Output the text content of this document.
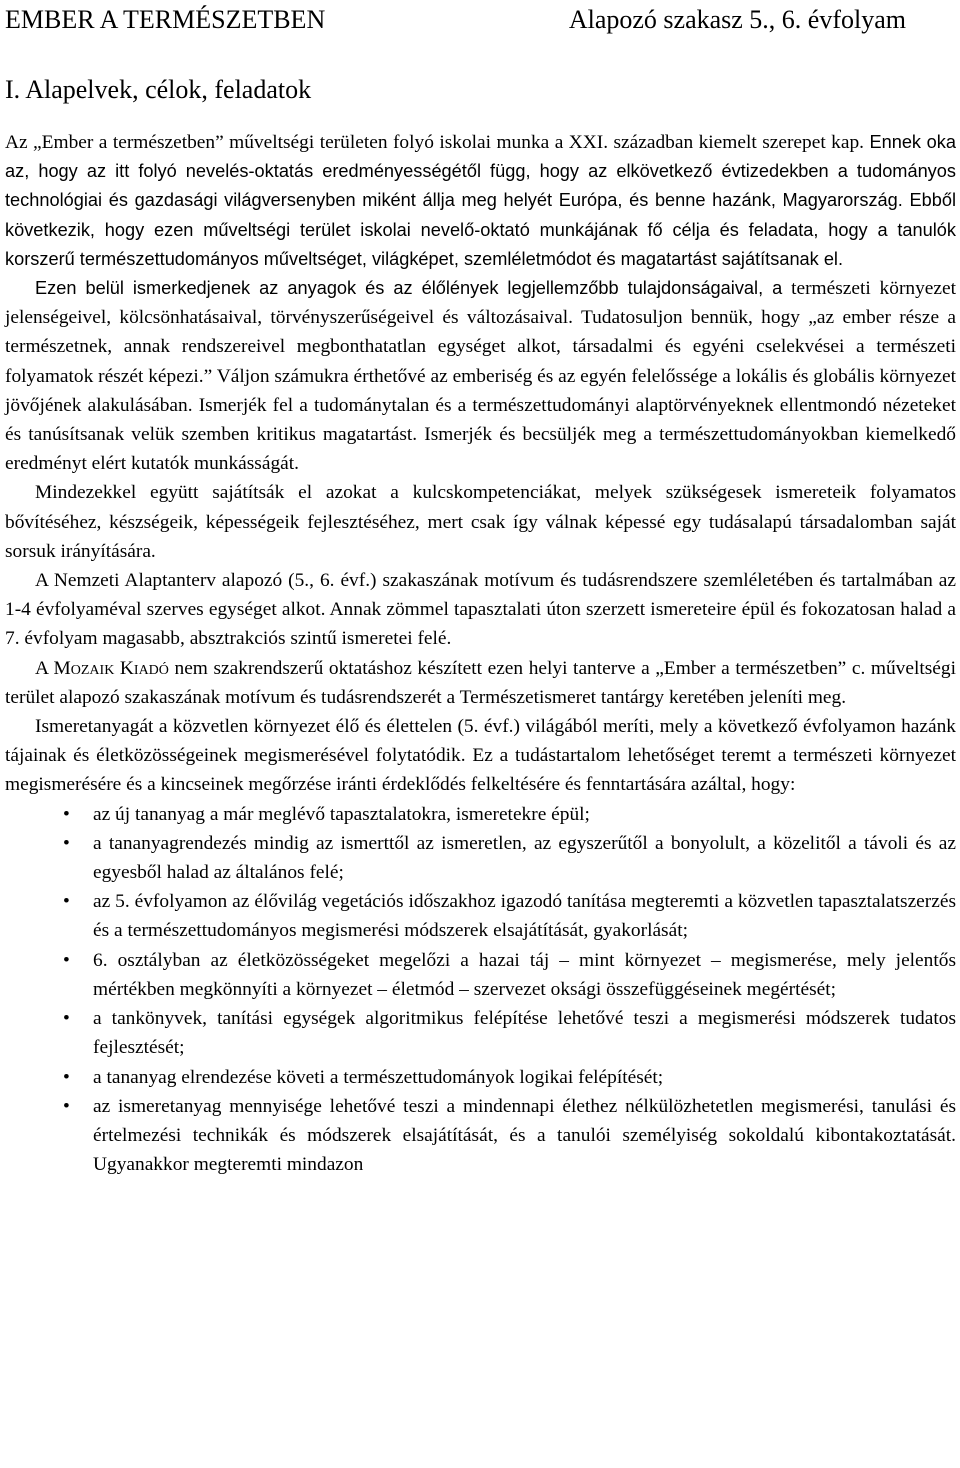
EMBER A TERMÉSZETBEN	Alapozó szakasz 5., 6. évfolyam
I. Alapelvek, célok, feladatok

Az „Ember a természetben” műveltségi területen folyó iskolai munka a XXI. században kiemelt szerepet kap. Ennek oka az, hogy az itt folyó nevelés-oktatás eredményességétől függ, hogy az elkövetkező évtizedekben a tudományos technológiai és gazdasági világversenyben miként állja meg helyét Európa, és benne hazánk, Magyarország. Ebből következik, hogy ezen műveltségi terület iskolai nevelő-oktató munkájának fő célja és feladata, hogy a tanulók korszerű természettudományos műveltséget, világképet, szemléletmódot és magatartást sajátítsanak el.

Ezen belül ismerkedjenek az anyagok és az élőlények legjellemzőbb tulajdonságaival, a természeti környezet jelenségeivel, kölcsönhatásaival, törvényszerűségeivel és változásaival. Tudatosuljon bennük, hogy „az ember része a természetnek, annak rendszereivel megbonthatatlan egységet alkot, társadalmi és egyéni cselekvései a természeti folyamatok részét képezi.” Váljon számukra érthetővé az emberiség és az egyén felelőssége a lokális és globális környezet jövőjének alakulásában. Ismerjék fel a tudománytalan és a természettudományi alaptörvényeknek ellentmondó nézeteket és tanúsítsanak velük szemben kritikus magatartást. Ismerjék és becsüljék meg a természettudományokban kiemelkedő eredményt elért kutatók munkásságát.

Mindezekkel együtt sajátítsák el azokat a kulcskompetenciákat, melyek szükségesek ismereteik folyamatos bővítéséhez, készségeik, képességeik fejlesztéséhez, mert csak így válnak képessé egy tudásalapú társadalomban saját sorsuk irányítására.

A Nemzeti Alaptanterv alapozó (5., 6. évf.) szakaszának motívum és tudásrendszere szemléletében és tartalmában az 1-4 évfolyaméval szerves egységet alkot. Annak zömmel tapasztalati úton szerzett ismereteire épül és fokozatosan halad a 7. évfolyam magasabb, absztrakciós szintű ismeretei felé.

A Mozaik Kiadó nem szakrendszerű oktatáshoz készített ezen helyi tanterve a „Ember a természetben” c. műveltségi terület alapozó szakaszának motívum és tudásrendszerét a Természetismeret tantárgy keretében jeleníti meg.

Ismeretanyagát a közvetlen környezet élő és élettelen (5. évf.) világából meríti, mely a következő évfolyamon hazánk tájainak és életközösségeinek megismerésével folytatódik. Ez a tudástartalom lehetőséget teremt a természeti környezet megismerésére és a kincseinek megőrzése iránti érdeklődés felkeltésére és fenntartására azáltal, hogy:

• az új tananyag a már meglévő tapasztalatokra, ismeretekre épül;
• a tananyagrendezés mindig az ismerttől az ismeretlen, az egyszerűtől a bonyolult, a közelitől a távoli és az egyesből halad az általános felé;
• az 5. évfolyamon az élővilág vegetációs időszakhoz igazodó tanítása megteremti a közvetlen tapasztalatszerzés és a természettudományos megismerési módszerek elsajátítását, gyakorlását;
• 6. osztályban az életközösségeket megelőzi a hazai táj – mint környezet – megismerése, mely jelentős mértékben megkönnyíti a környezet – életmód – szervezet oksági összefüggéseinek megértését;
• a tankönyvek, tanítási egységek algoritmikus felépítése lehetővé teszi a megismerési módszerek tudatos fejlesztését;
• a tananyag elrendezése követi a természettudományok logikai felépítését;
• az ismeretanyag mennyisége lehetővé teszi a mindennapi élethez nélkülözhetetlen megismerési, tanulási és értelmezési technikák és módszerek elsajátítását, és a tanulói személyiség sokoldalú kibontakoztatását. Ugyanakkor megteremti mindazon
